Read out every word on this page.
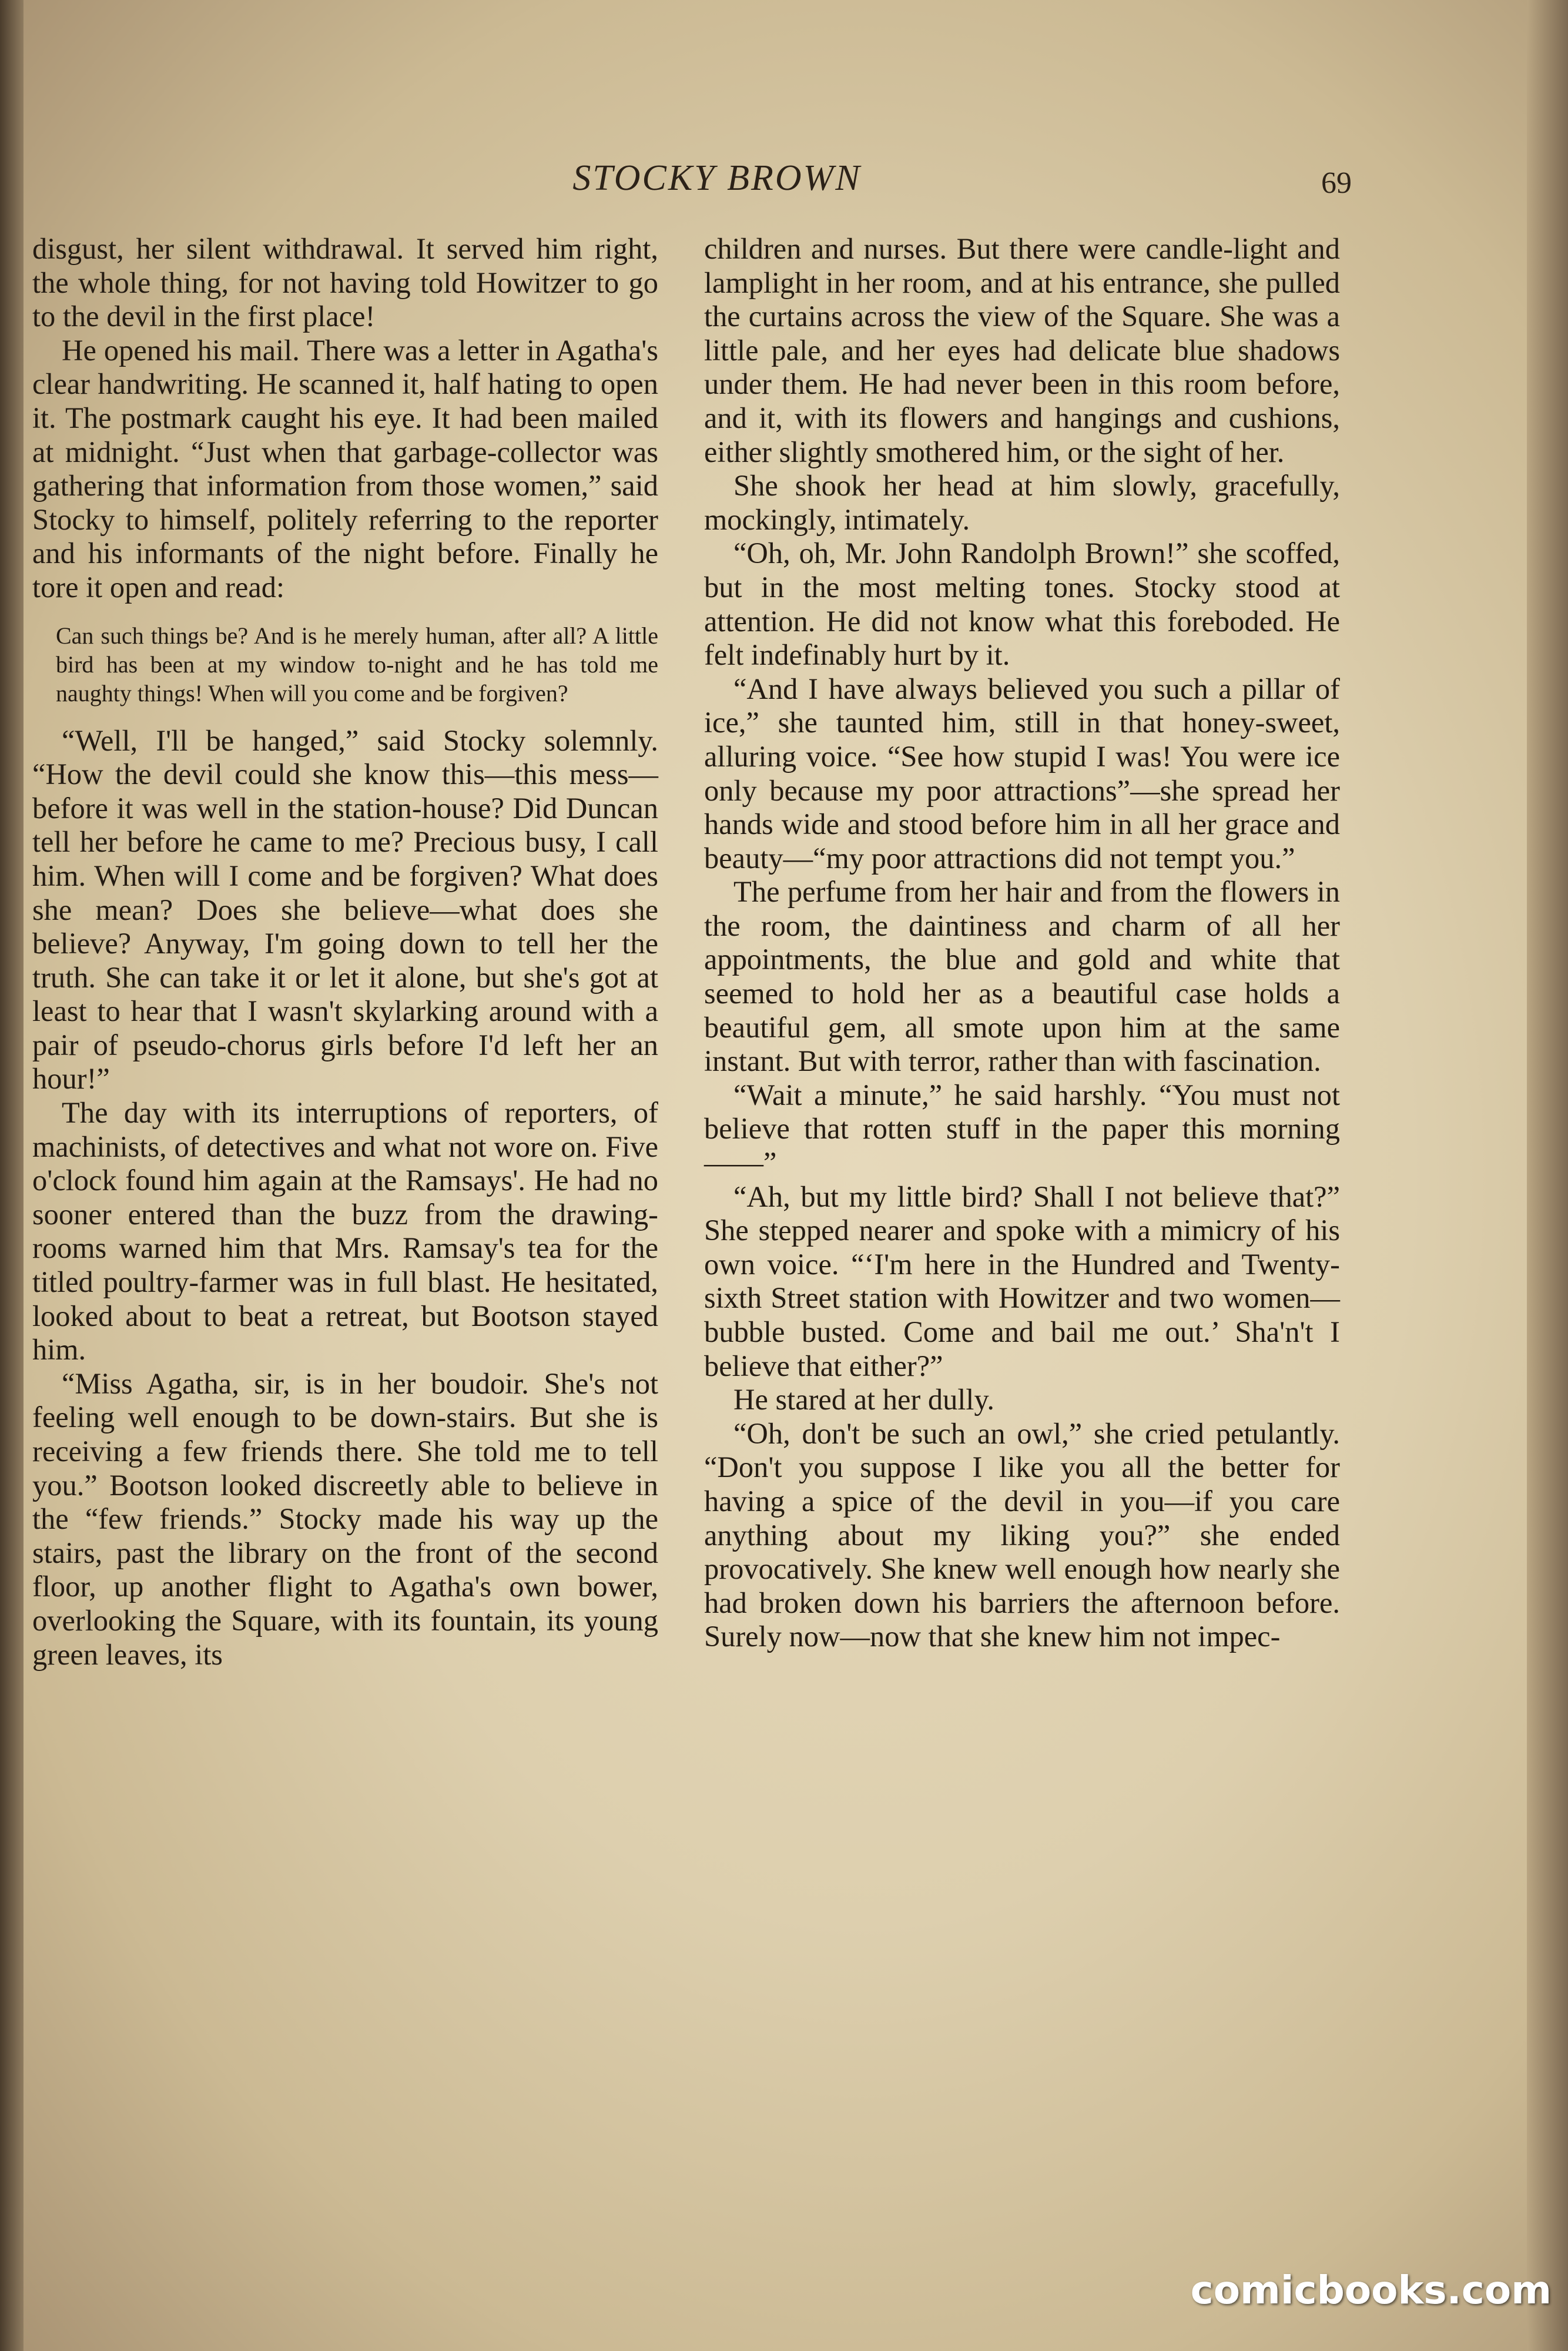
STOCKY BROWN	69

disgust, her silent withdrawal. It served him right, the whole thing, for not having told Howitzer to go to the devil in the first place!

He opened his mail. There was a letter in Agatha's clear handwriting. He scanned it, half hating to open it. The postmark caught his eye. It had been mailed at midnight. “Just when that garbage-collector was gathering that information from those women,” said Stocky to himself, politely referring to the reporter and his informants of the night before. Finally he tore it open and read:

Can such things be? And is he merely human, after all? A little bird has been at my window to-night and he has told me naughty things! When will you come and be forgiven?

“Well, I'll be hanged,” said Stocky solemnly. “How the devil could she know this—this mess—before it was well in the station-house? Did Duncan tell her before he came to me? Precious busy, I call him. When will I come and be forgiven? What does she mean? Does she believe—what does she believe? Anyway, I'm going down to tell her the truth. She can take it or let it alone, but she's got at least to hear that I wasn't skylarking around with a pair of pseudo-chorus girls before I'd left her an hour!”

The day with its interruptions of reporters, of machinists, of detectives and what not wore on. Five o'clock found him again at the Ramsays'. He had no sooner entered than the buzz from the drawing-rooms warned him that Mrs. Ramsay's tea for the titled poultry-farmer was in full blast. He hesitated, looked about to beat a retreat, but Bootson stayed him.

“Miss Agatha, sir, is in her boudoir. She's not feeling well enough to be down-stairs. But she is receiving a few friends there. She told me to tell you.” Bootson looked discreetly able to believe in the “few friends.” Stocky made his way up the stairs, past the library on the front of the second floor, up another flight to Agatha's own bower, overlooking the Square, with its fountain, its young green leaves, its

children and nurses. But there were candle-light and lamplight in her room, and at his entrance, she pulled the curtains across the view of the Square. She was a little pale, and her eyes had delicate blue shadows under them. He had never been in this room before, and it, with its flowers and hangings and cushions, either slightly smothered him, or the sight of her.

She shook her head at him slowly, gracefully, mockingly, intimately.

“Oh, oh, Mr. John Randolph Brown!” she scoffed, but in the most melting tones. Stocky stood at attention. He did not know what this foreboded. He felt indefinably hurt by it.

“And I have always believed you such a pillar of ice,” she taunted him, still in that honey-sweet, alluring voice. “See how stupid I was! You were ice only because my poor attractions”—she spread her hands wide and stood before him in all her grace and beauty—“my poor attractions did not tempt you.”

The perfume from her hair and from the flowers in the room, the daintiness and charm of all her appointments, the blue and gold and white that seemed to hold her as a beautiful case holds a beautiful gem, all smote upon him at the same instant. But with terror, rather than with fascination.

“Wait a minute,” he said harshly. “You must not believe that rotten stuff in the paper this morning——”

“Ah, but my little bird? Shall I not believe that?” She stepped nearer and spoke with a mimicry of his own voice. “‘I'm here in the Hundred and Twenty-sixth Street station with Howitzer and two women—bubble busted. Come and bail me out.’ Sha'n't I believe that either?”

He stared at her dully.

“Oh, don't be such an owl,” she cried petulantly. “Don't you suppose I like you all the better for having a spice of the devil in you—if you care anything about my liking you?” she ended provocatively. She knew well enough how nearly she had broken down his barriers the afternoon before. Surely now—now that she knew him not impec-

comicbooks.com
